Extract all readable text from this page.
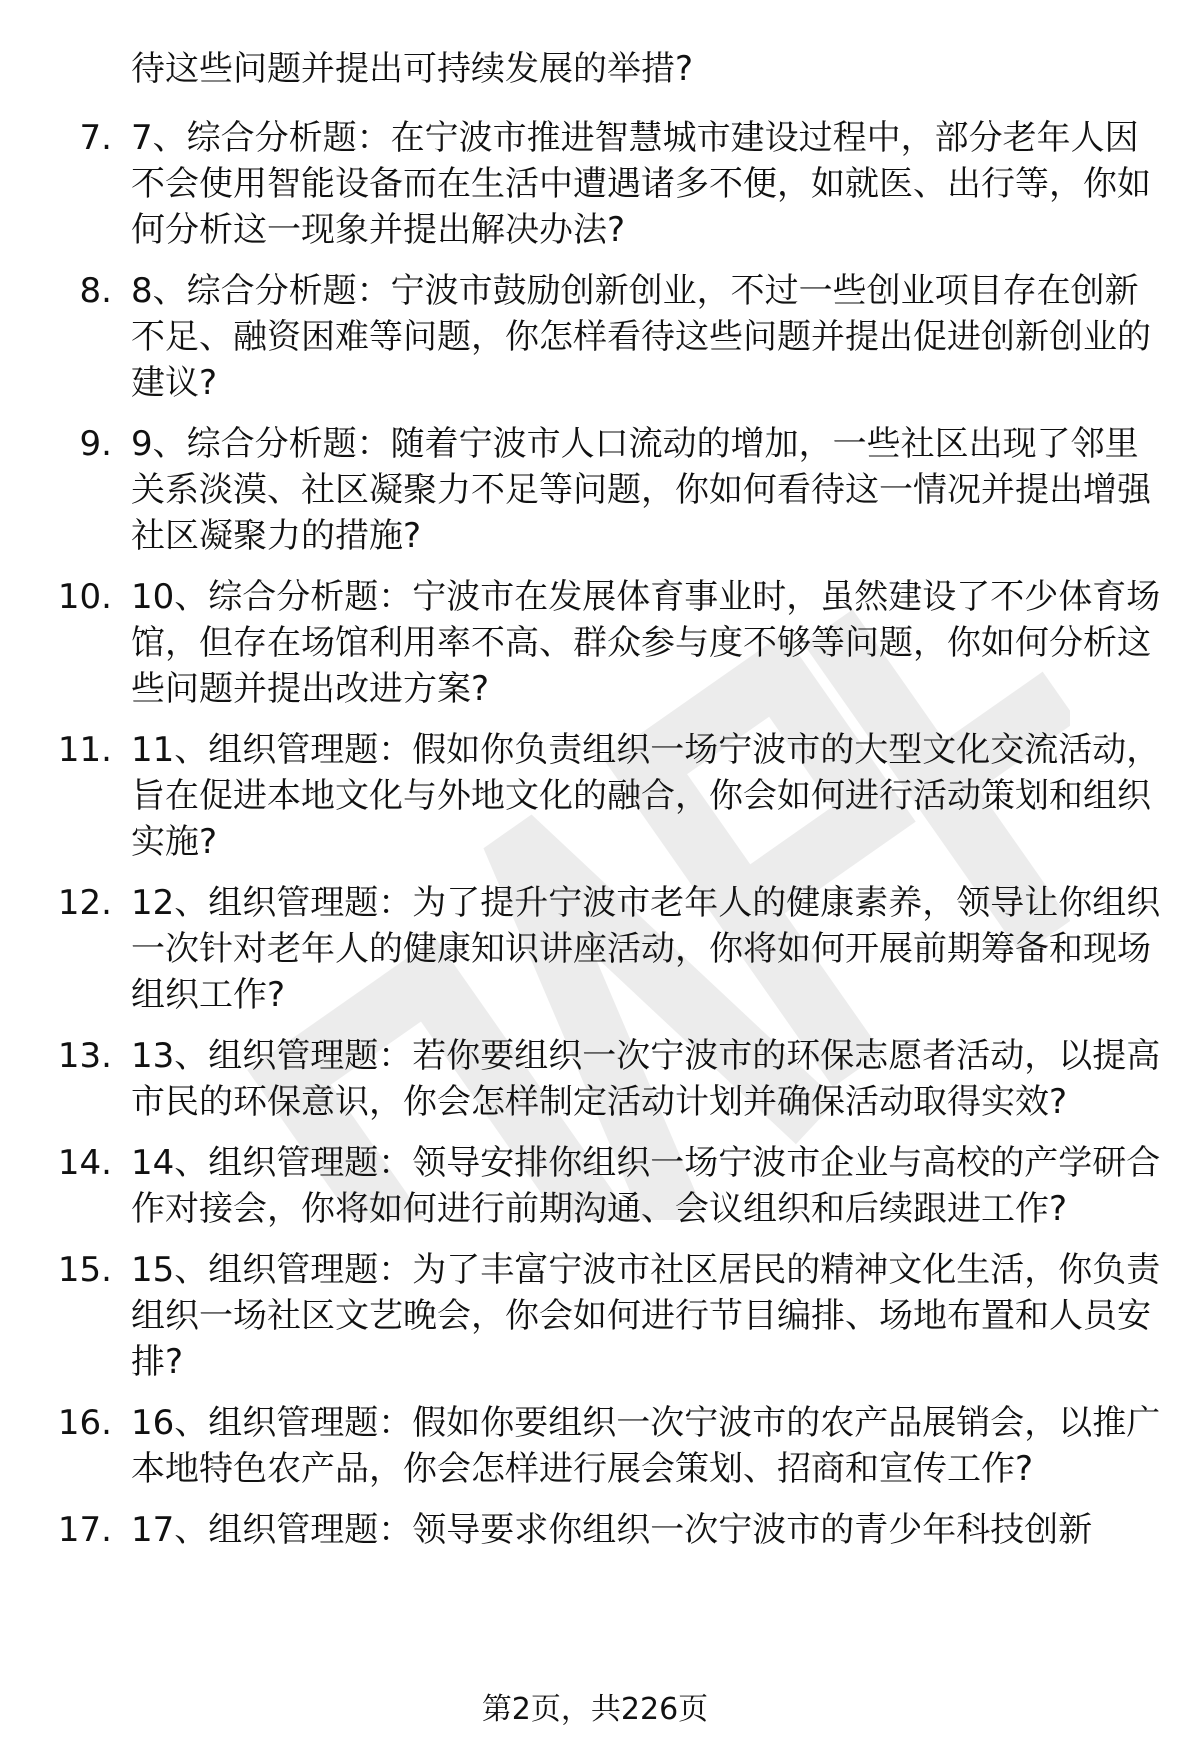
待这些问题并提出可持续发展的举措?
7. 7、综合分析题：在宁波市推进智慧城市建设过程中，部分老年人因不会使用智能设备而在生活中遭遇诸多不便，如就医、出行等，你如何分析这一现象并提出解决办法?
8. 8、综合分析题：宁波市鼓励创新创业，不过一些创业项目存在创新不足、融资困难等问题，你怎样看待这些问题并提出促进创新创业的建议?
9. 9、综合分析题：随着宁波市人口流动的增加，一些社区出现了邻里关系淡漠、社区凝聚力不足等问题，你如何看待这一情况并提出增强社区凝聚力的措施?
10. 10、综合分析题：宁波市在发展体育事业时，虽然建设了不少体育场馆，但存在场馆利用率不高、群众参与度不够等问题，你如何分析这些问题并提出改进方案?
11. 11、组织管理题：假如你负责组织一场宁波市的大型文化交流活动，旨在促进本地文化与外地文化的融合，你会如何进行活动策划和组织实施?
12. 12、组织管理题：为了提升宁波市老年人的健康素养，领导让你组织一次针对老年人的健康知识讲座活动，你将如何开展前期筹备和现场组织工作?
13. 13、组织管理题：若你要组织一次宁波市的环保志愿者活动，以提高市民的环保意识，你会怎样制定活动计划并确保活动取得实效?
14. 14、组织管理题：领导安排你组织一场宁波市企业与高校的产学研合作对接会，你将如何进行前期沟通、会议组织和后续跟进工作?
15. 15、组织管理题：为了丰富宁波市社区居民的精神文化生活，你负责组织一场社区文艺晚会，你会如何进行节目编排、场地布置和人员安排?
16. 16、组织管理题：假如你要组织一次宁波市的农产品展销会，以推广本地特色农产品，你会怎样进行展会策划、招商和宣传工作?
17. 17、组织管理题：领导要求你组织一次宁波市的青少年科技创新
第2页，共226页
